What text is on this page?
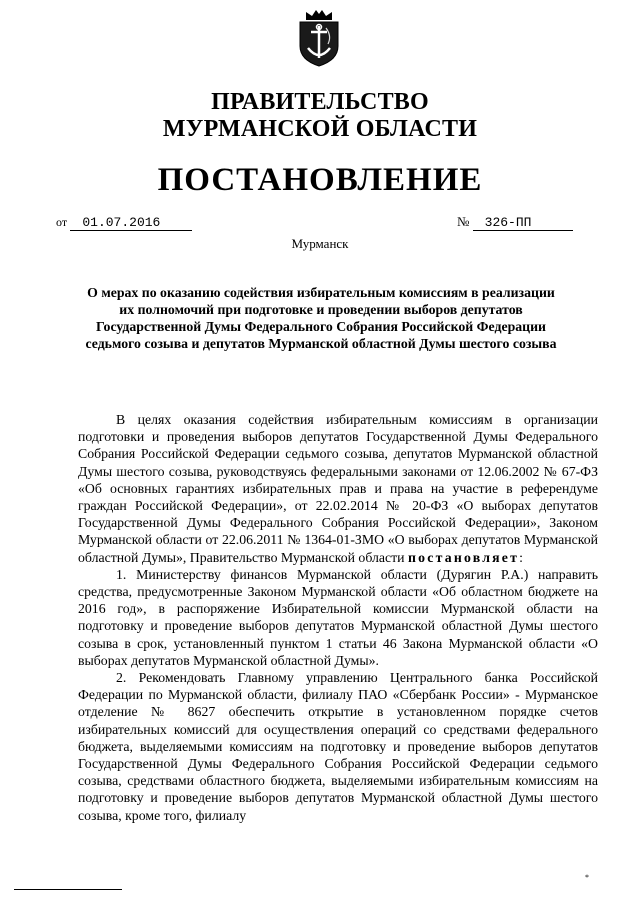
ПРАВИТЕЛЬСТВО
МУРМАНСКОЙ ОБЛАСТИ
ПОСТАНОВЛЕНИЕ
от 01.07.2016	№ 326-ПП
Мурманск
О мерах по оказанию содействия избирательным комиссиям в реализации их полномочий при подготовке и проведении выборов депутатов Государственной Думы Федерального Собрания Российской Федерации седьмого созыва и депутатов Мурманской областной Думы шестого созыва

В целях оказания содействия избирательным комиссиям в организации подготовки и проведения выборов депутатов Государственной Думы Федерального Собрания Российской Федерации седьмого созыва, депутатов Мурманской областной Думы шестого созыва, руководствуясь федеральными законами от 12.06.2002 № 67-ФЗ «Об основных гарантиях избирательных прав и права на участие в референдуме граждан Российской Федерации», от 22.02.2014 № 20-ФЗ «О выборах депутатов Государственной Думы Федерального Собрания Российской Федерации», Законом Мурманской области от 22.06.2011 № 1364-01-ЗМО «О выборах депутатов Мурманской областной Думы», Правительство Мурманской области постановляет:

1. Министерству финансов Мурманской области (Дурягин Р.А.) направить средства, предусмотренные Законом Мурманской области «Об областном бюджете на 2016 год», в распоряжение Избирательной комиссии Мурманской области на подготовку и проведение выборов депутатов Мурманской областной Думы шестого созыва в срок, установленный пунктом 1 статьи 46 Закона Мурманской области «О выборах депутатов Мурманской областной Думы».

2. Рекомендовать Главному управлению Центрального банка Российской Федерации по Мурманской области, филиалу ПАО «Сбербанк России» - Мурманское отделение № 8627 обеспечить открытие в установленном порядке счетов избирательных комиссий для осуществления операций со средствами федерального бюджета, выделяемыми комиссиям на подготовку и проведение выборов депутатов Государственной Думы Федерального Собрания Российской Федерации седьмого созыва, средствами областного бюджета, выделяемыми избирательным комиссиям на подготовку и проведение выборов депутатов Мурманской областной Думы шестого созыва, кроме того, филиалу

*
